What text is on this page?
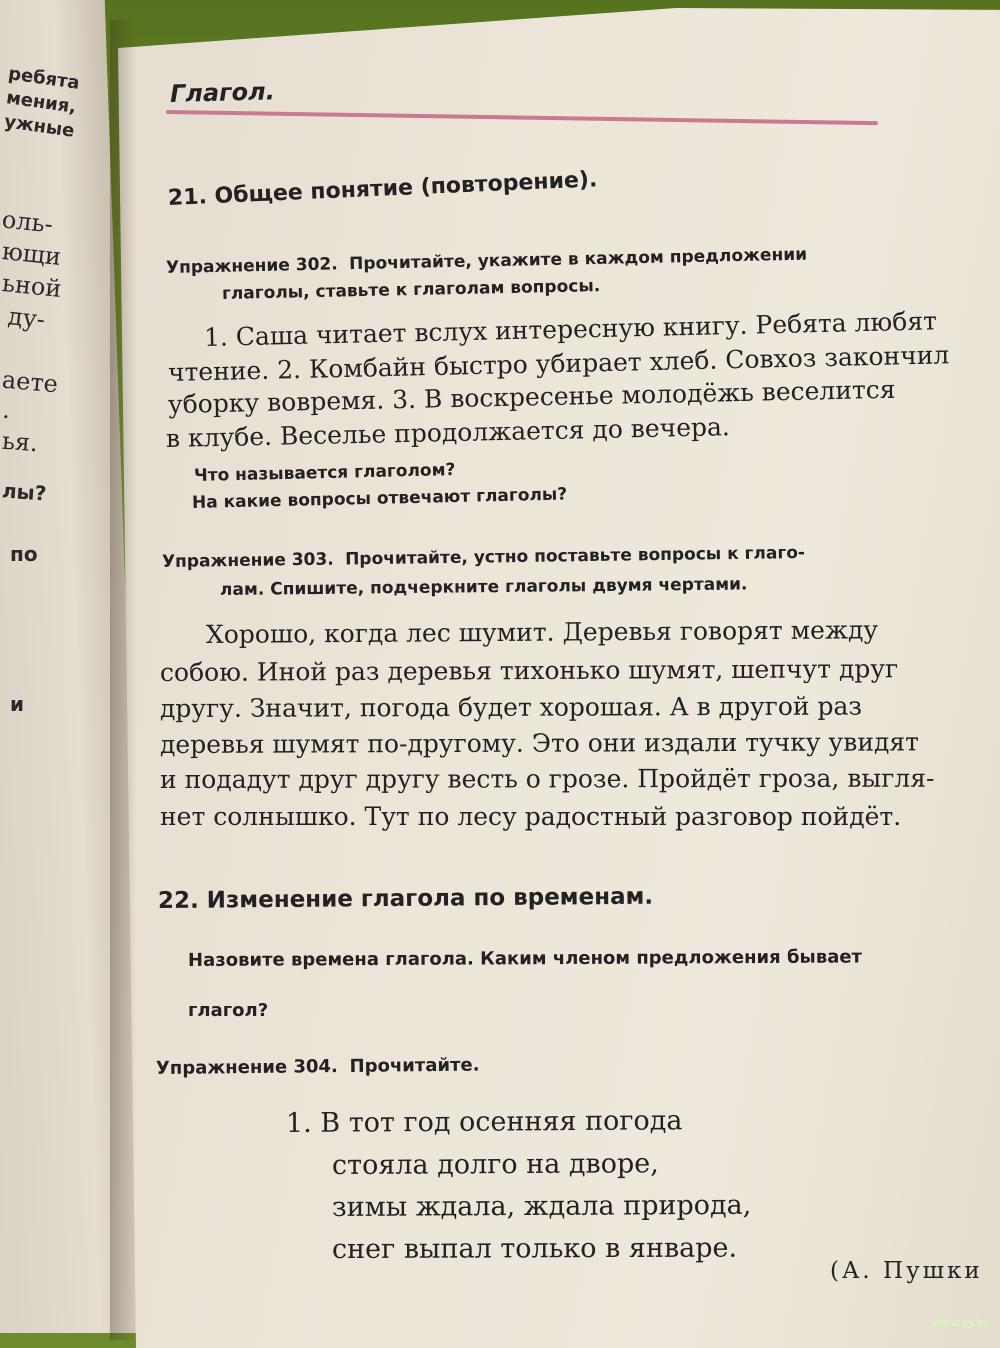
ребята
мения,
ужные
оль-
ющи
ьной
ду-
аете
.
ья.
лы?
по
и
Глагол.
21. Общее понятие (повторение).
Упражнение 302. Прочитайте, укажите в каждом предложении
глаголы, ставьте к глаголам вопросы.
1. Саша читает вслух интересную книгу. Ребята любят
чтение. 2. Комбайн быстро убирает хлеб. Совхоз закончил
уборку вовремя. 3. В воскресенье молодёжь веселится
в клубе. Веселье продолжается до вечера.
Что называется глаголом?
На какие вопросы отвечают глаголы?
Упражнение 303. Прочитайте, устно поставьте вопросы к глаго-
лам. Спишите, подчеркните глаголы двумя чертами.
Хорошо, когда лес шумит. Деревья говорят между
собою. Иной раз деревья тихонько шумят, шепчут друг
другу. Значит, погода будет хорошая. А в другой раз
деревья шумят по-другому. Это они издали тучку увидят
и подадут друг другу весть о грозе. Пройдёт гроза, выгля-
нет солнышко. Тут по лесу радостный разговор пойдёт.
22. Изменение глагола по временам.
Назовите времена глагола. Каким членом предложения бывает
глагол?
Упражнение 304. Прочитайте.
1. В тот год осенняя погода
стояла долго на дворе,
зимы ждала, ждала природа,
снег выпал только в январе.
(А. Пушки
www.ay.by
